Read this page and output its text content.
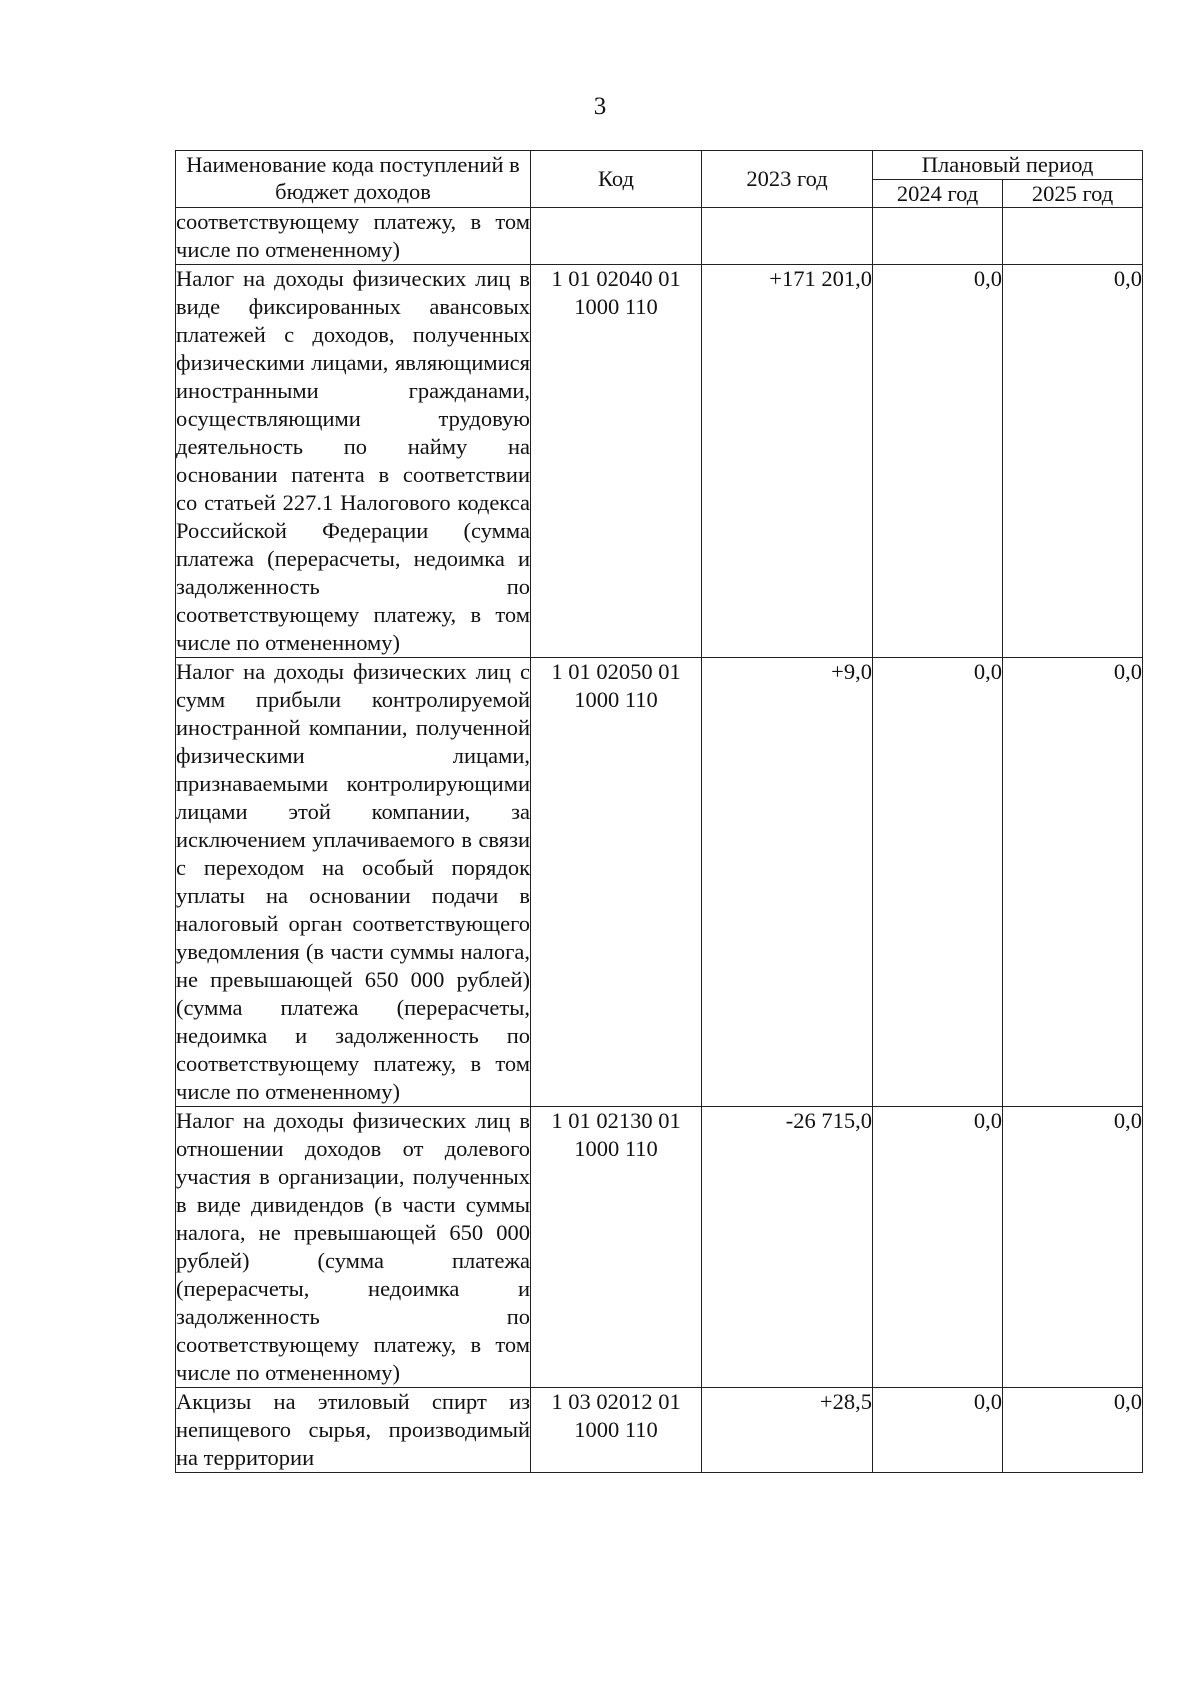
3
Наименование кода поступлений в бюджет доходов	Код	2023 год	Плановый период	
			2024 год	2025 год
соответствующему платежу, в том числе по отмененному)				
Налог на доходы физических лиц в виде фиксированных авансовых платежей с доходов, полученных физическими лицами, являющимися иностранными гражданами, осуществляющими трудовую деятельность по найму на основании патента в соответствии со статьей 227.1 Налогового кодекса Российской Федерации (сумма платежа (перерасчеты, недоимка и задолженность по соответствующему платежу, в том числе по отмененному)	1 01 02040 01 1000 110	+171 201,0	0,0	0,0
Налог на доходы физических лиц с сумм прибыли контролируемой иностранной компании, полученной физическими лицами, признаваемыми контролирующими лицами этой компании, за исключением уплачиваемого в связи с переходом на особый порядок уплаты на основании подачи в налоговый орган соответствующего уведомления (в части суммы налога, не превышающей 650 000 рублей) (сумма платежа (перерасчеты, недоимка и задолженность по соответствующему платежу, в том числе по отмененному)	1 01 02050 01 1000 110	+9,0	0,0	0,0
Налог на доходы физических лиц в отношении доходов от долевого участия в организации, полученных в виде дивидендов (в части суммы налога, не превышающей 650 000 рублей) (сумма платежа (перерасчеты, недоимка и задолженность по соответствующему платежу, в том числе по отмененному)	1 01 02130 01 1000 110	-26 715,0	0,0	0,0
Акцизы на этиловый спирт из непищевого сырья, производимый на территории	1 03 02012 01 1000 110	+28,5	0,0	0,0
